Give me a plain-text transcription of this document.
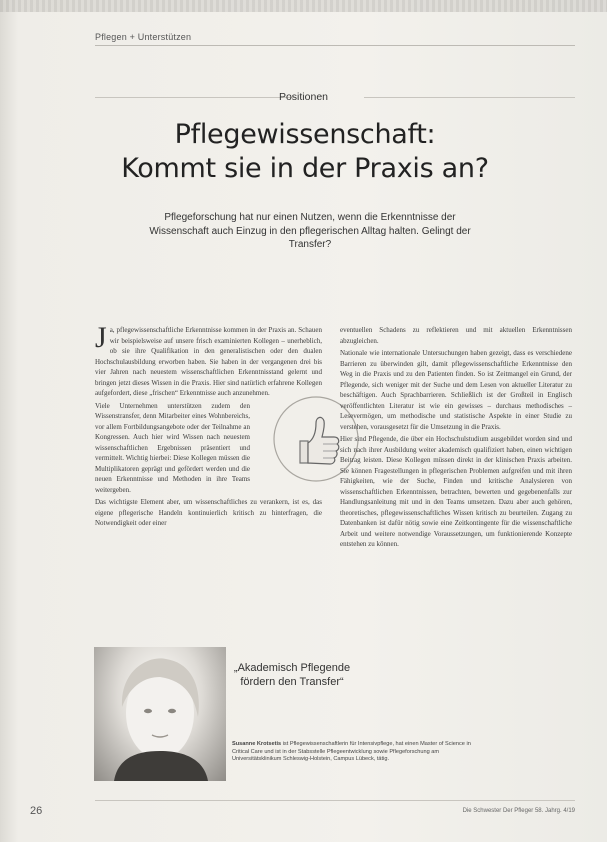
Pflegen + Unterstützen
Positionen
Pflegewissenschaft:
Kommt sie in der Praxis an?
Pflegeforschung hat nur einen Nutzen, wenn die Erkenntnisse der Wissenschaft auch Einzug in den pflegerischen Alltag halten. Gelingt der Transfer?

Ja, pflegewissenschaftliche Erkenntnisse kommen in der Praxis an. Schauen wir beispielsweise auf unsere frisch examinierten Kollegen – unerheblich, ob sie ihre Qualifikation in den generalistischen oder den dualen Hochschulausbildung erworben haben. Sie haben in der vergangenen drei bis vier Jahren nach neuestem wissenschaftlichen Erkenntnisstand gelernt und bringen jetzt dieses Wissen in die Praxis. Hier sind natürlich erfahrene Kollegen aufgefordert, diese „frischen“ Erkenntnisse auch anzunehmen.

Viele Unternehmen unterstützen zudem den Wissenstransfer, denn Mitarbeiter eines Wohnbereichs, vor allem Fortbildungsangebote oder der Teilnahme an Kongressen. Auch hier wird Wissen nach neuestem wissenschaftlichen Ergebnissen präsentiert und vermittelt. Wichtig hierbei: Diese Kollegen müssen die Multiplikatoren geprägt und gefördert werden und die neuen Erkenntnisse und Methoden in ihre Teams weitergeben.

Das wichtigste Element aber, um wissenschaftliches zu verankern, ist es, das eigene pflegerische Handeln kontinuierlich kritisch zu hinterfragen, die Notwendigkeit oder einer

eventuellen Schadens zu reflektieren und mit aktuellen Erkenntnissen abzugleichen.

Nationale wie internationale Untersuchungen haben gezeigt, dass es verschiedene Barrieren zu überwinden gilt, damit pflegewissenschaftliche Erkenntnisse den Weg in die Praxis und zu den Patienten finden. So ist Zeitmangel ein Grund, der Pflegende, sich weniger mit der Suche und dem Lesen von aktueller Literatur zu beschäftigen. Auch Sprachbarrieren. Schließlich ist der Großteil in Englisch veröffentlichten Literatur ist wie ein gewisses – durchaus methodisches – Lesevermögen, um methodische und statistische Aspekte in einer Studie zu verstehen, vorausgesetzt für die Umsetzung in die Praxis.

Hier sind Pflegende, die über ein Hochschulstudium ausgebildet worden sind und sich nach ihrer Ausbildung weiter akademisch qualifiziert haben, einen wichtigen Beitrag leisten. Diese Kollegen müssen direkt in der klinischen Praxis arbeiten. Sie können Fragestellungen in pflegerischen Problemen aufgreifen und mit ihren Fähigkeiten, wie der Suche, Finden und kritische Analysieren von wissenschaftlichen Erkenntnissen, betrachten, bewerten und gegebenenfalls zur Handlungsanleitung mit und in den Teams umsetzen. Dazu aber auch gehören, theoretisches, pflegewissenschaftliches Wissen kritisch zu beurteilen. Zugang zu Datenbanken ist dafür nötig sowie eine Zeitkontingente für die wissenschaftliche Arbeit und weitere notwendige Voraussetzungen, um funktionierende Konzepte entstehen zu können.

„Akademisch Pflegende fördern den Transfer“
Susanne Krotsetis ist Pflegewissenschaftlerin für Intensivpflege, hat einen Master of Science in Critical Care und ist in der Stabsstelle Pflegeentwicklung sowie Pflegeforschung am Universitätsklinikum Schleswig-Holstein, Campus Lübeck, tätig.
26	Die Schwester Der Pfleger 58. Jahrg. 4/19
